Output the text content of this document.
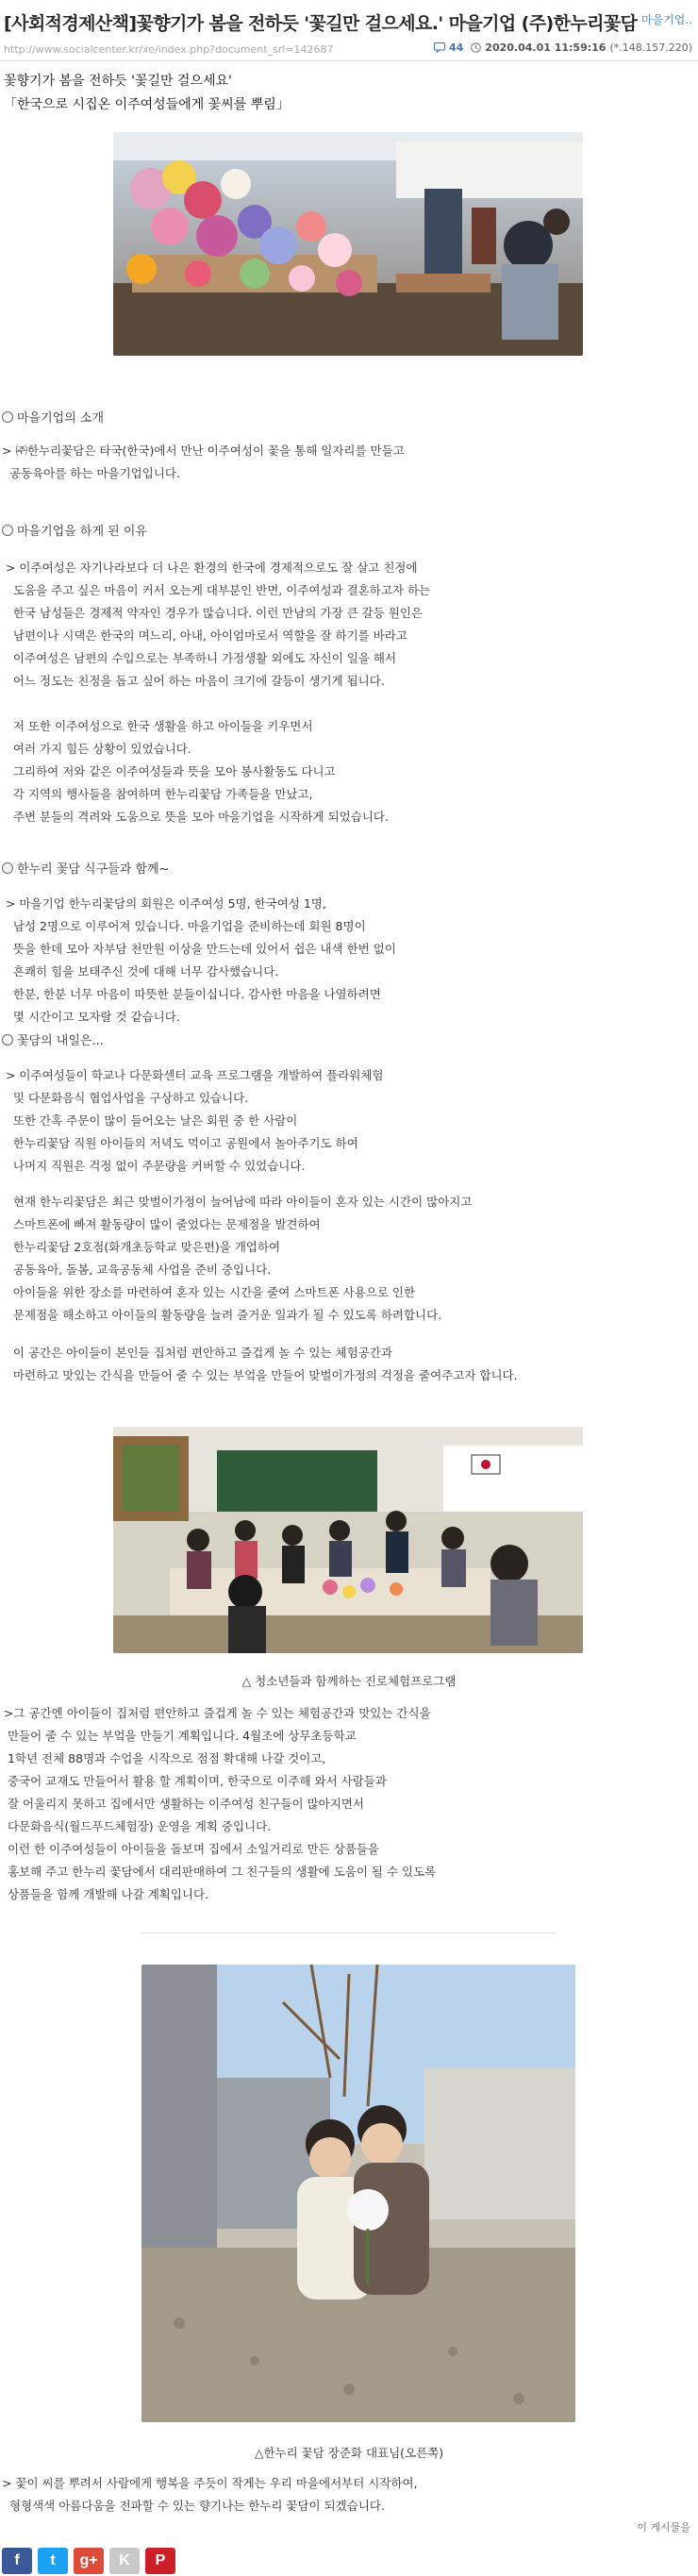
[사회적경제산책]꽃향기가 봄을 전하듯 '꽃길만 걸으세요.' 마을기업 (주)한누리꽃담 마을기업..
http://www.socialcenter.kr/xe/index.php?document_srl=142687	44 2020.04.01 11:59:16 (*.148.157.220)
꽃향기가 봄을 전하듯 '꽃길만 걸으세요'
「한국으로 시집온 이주여성들에게 꽃씨를 뿌림」
마을기업의 소개
> ㈜한누리꽃담은 타국(한국)에서 만난 이주여성이 꽃을 통해 일자리를 만들고
공동육아를 하는 마을기업입니다.
마을기업을 하게 된 이유
> 이주여성은 자기나라보다 더 나은 환경의 한국에 경제적으로도 잘 살고 친정에
도움을 주고 싶은 마음이 커서 오는게 대부분인 반면, 이주여성과 결혼하고자 하는
한국 남성들은 경제적 약자인 경우가 많습니다. 이런 만남의 가장 큰 갈등 원인은
남편이나 시댁은 한국의 며느리, 아내, 아이엄마로서 역할을 잘 하기를 바라고
이주여성은 남편의 수입으로는 부족하니 가정생활 외에도 자신이 일을 해서
어느 정도는 친정을 돕고 싶어 하는 마음이 크기에 갈등이 생기게 됩니다.
저 또한 이주여성으로 한국 생활을 하고 아이들을 키우면서
여러 가지 힘든 상황이 있었습니다.
그리하여 저와 같은 이주여성들과 뜻을 모아 봉사활동도 다니고
각 지역의 행사들을 참여하며 한누리꽃담 가족들을 만났고,
주변 분들의 격려와 도움으로 뜻을 모아 마을기업을 시작하게 되었습니다.
한누리 꽃담 식구들과 함께~
> 마을기업 한누리꽃담의 회원은 이주여성 5명, 한국여성 1명,
남성 2명으로 이루어져 있습니다. 마을기업을 준비하는데 회원 8명이
뜻을 한데 모아 자부담 천만원 이상을 만드는데 있어서 쉽은 내색 한번 없이
흔쾌히 힘을 보태주신 것에 대해 너무 감사했습니다.
한분, 한분 너무 마음이 따뜻한 분들이십니다. 감사한 마음을 나열하려면
몇 시간이고 모자랄 것 같습니다.
꽃담의 내일은...
> 이주여성들이 학교나 다문화센터 교육 프로그램을 개발하여 플라워체험
및 다문화음식 협업사업을 구상하고 있습니다.
또한 간혹 주문이 많이 들어오는 날은 회원 중 한 사람이
한누리꽃담 직원 아이들의 저녁도 먹이고 공원에서 놀아주기도 하여
나머지 직원은 걱정 없이 주문량을 커버할 수 있었습니다.
현재 한누리꽃담은 최근 맞벌이가정이 늘어남에 따라 아이들이 혼자 있는 시간이 많아지고
스마트폰에 빠져 활동량이 많이 줄었다는 문제점을 발견하여
한누리꽃담 2호점(화개초등학교 맞은편)을 개업하여
공동육아, 돌봄, 교육공동체 사업을 준비 중입니다.
아이들을 위한 장소를 마련하여 혼자 있는 시간을 줄여 스마트폰 사용으로 인한
문제점을 해소하고 아이들의 활동량을 늘려 즐거운 일과가 될 수 있도록 하려합니다.
이 공간은 아이들이 본인들 집처럼 편안하고 즐겁게 놀 수 있는 체험공간과
마련하고 맛있는 간식을 만들어 줄 수 있는 부엌을 만들어 맞벌이가정의 걱정을 줄여주고자 합니다.
△ 청소년들과 함께하는 진로체험프로그램
>그 공간엔 아이들이 집처럼 편안하고 즐겁게 놀 수 있는 체험공간과 맛있는 간식을
만들어 줄 수 있는 부엌을 만들기 계획입니다. 4월조에 상무초등학교
1학년 전체 88명과 수업을 시작으로 점점 확대해 나갈 것이고,
중국어 교재도 만들어서 활용 할 계획이며, 한국으로 이주해 와서 사람들과
잘 어울리지 못하고 집에서만 생활하는 이주여성 친구들이 많아지면서
다문화음식(월드푸드체험장) 운영을 계획 중입니다.
이런 한 이주여성들이 아이들을 돌보며 집에서 소일거리로 만든 상품들을
홍보해 주고 한누리 꽃담에서 대리판매하여 그 친구들의 생활에 도움이 될 수 있도록
상품들을 함께 개발해 나갈 계획입니다.
△한누리 꽃담 장준화 대표님(오른쪽)
> 꽃이 씨를 뿌려서 사람에게 행복을 주듯이 작게는 우리 마을에서부터 시작하여,
형형색색 아름다움을 전파할 수 있는 향기나는 한누리 꽃담이 되겠습니다.
이 게시물을
f	t	g+	K	P
